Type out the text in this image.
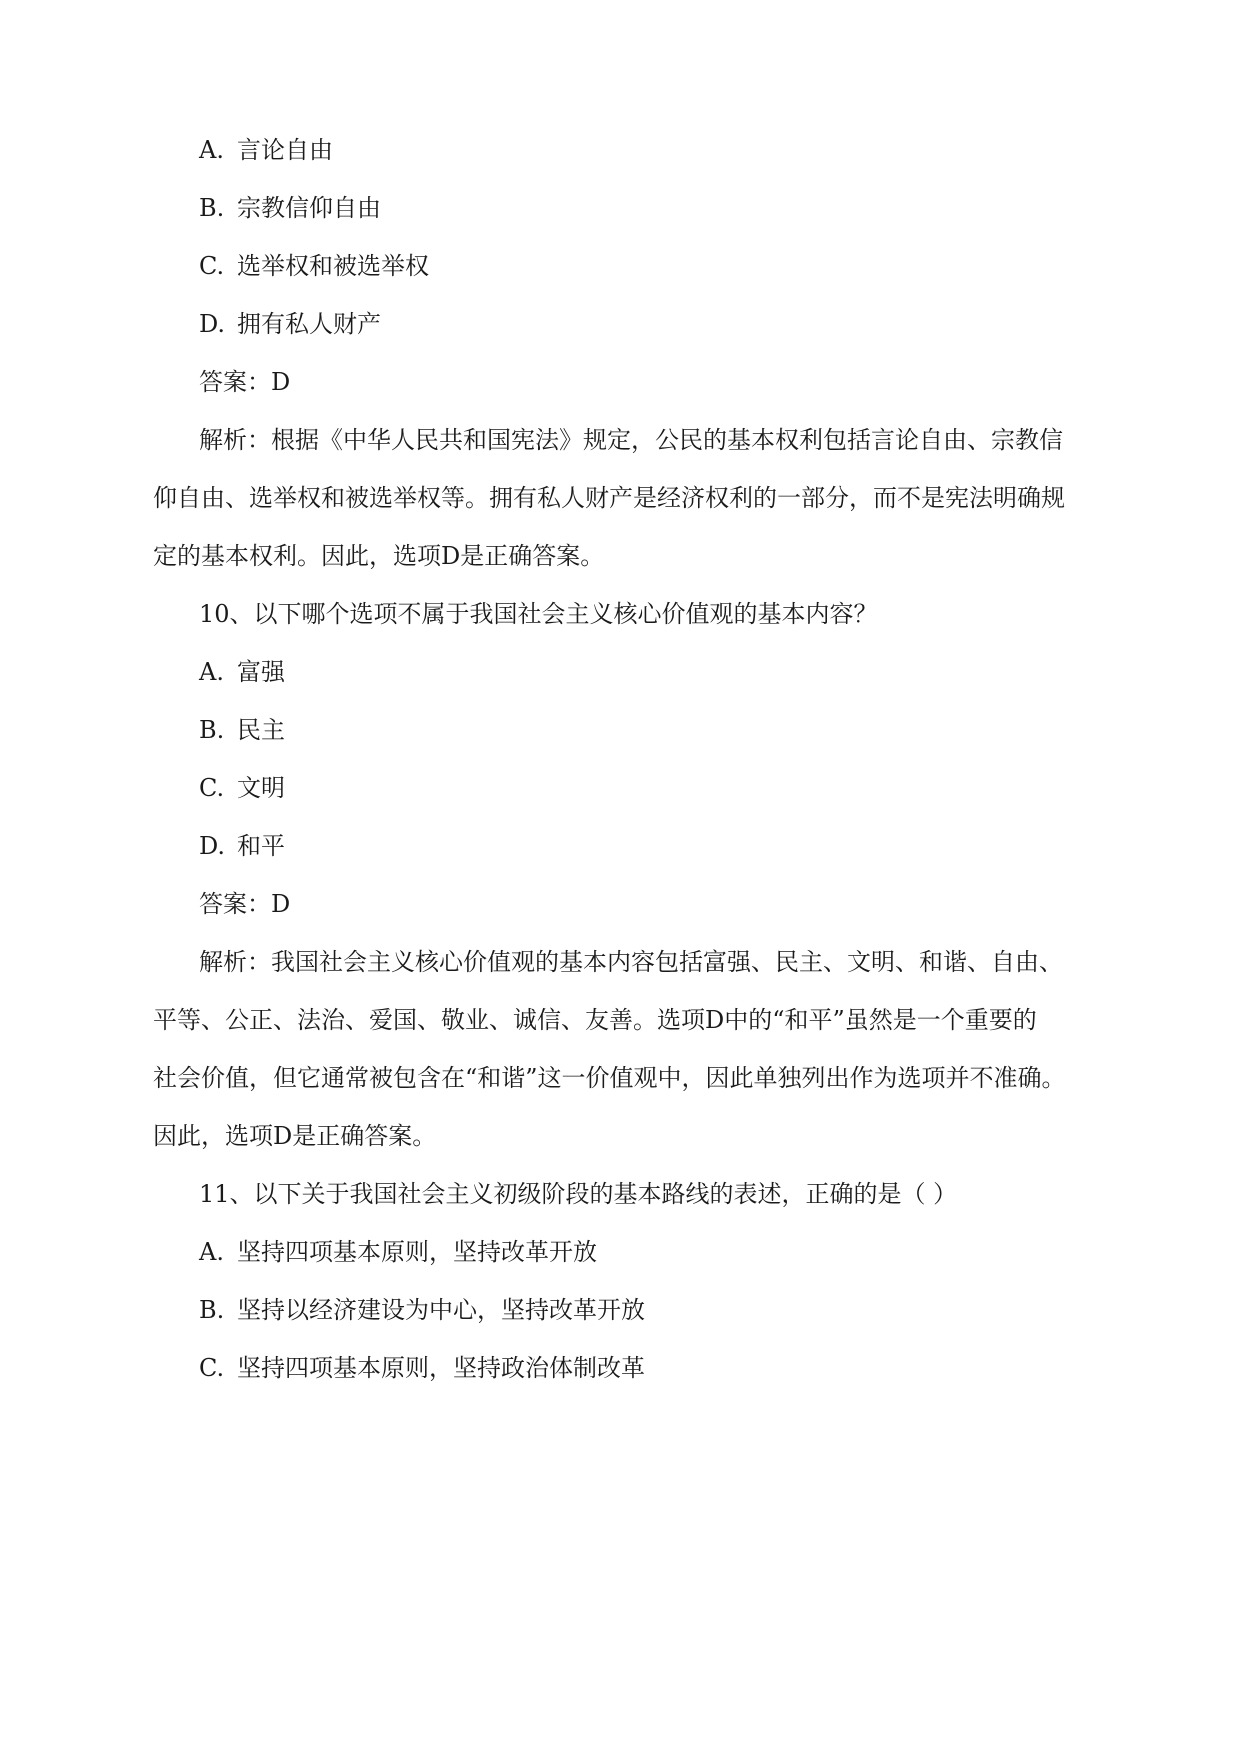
A. 言论自由
B. 宗教信仰自由
C. 选举权和被选举权
D. 拥有私人财产
答案：D
解析：根据《中华人民共和国宪法》规定，公民的基本权利包括言论自由、宗教信
仰自由、选举权和被选举权等。拥有私人财产是经济权利的一部分，而不是宪法明确规
定的基本权利。因此，选项D是正确答案。
10、以下哪个选项不属于我国社会主义核心价值观的基本内容？
A. 富强
B. 民主
C. 文明
D. 和平
答案：D
解析：我国社会主义核心价值观的基本内容包括富强、民主、文明、和谐、自由、
平等、公正、法治、爱国、敬业、诚信、友善。选项D中的“和平”虽然是一个重要的
社会价值，但它通常被包含在“和谐”这一价值观中，因此单独列出作为选项并不准确。
因此，选项D是正确答案。
11、以下关于我国社会主义初级阶段的基本路线的表述，正确的是（ ）
A. 坚持四项基本原则，坚持改革开放
B. 坚持以经济建设为中心，坚持改革开放
C. 坚持四项基本原则，坚持政治体制改革
